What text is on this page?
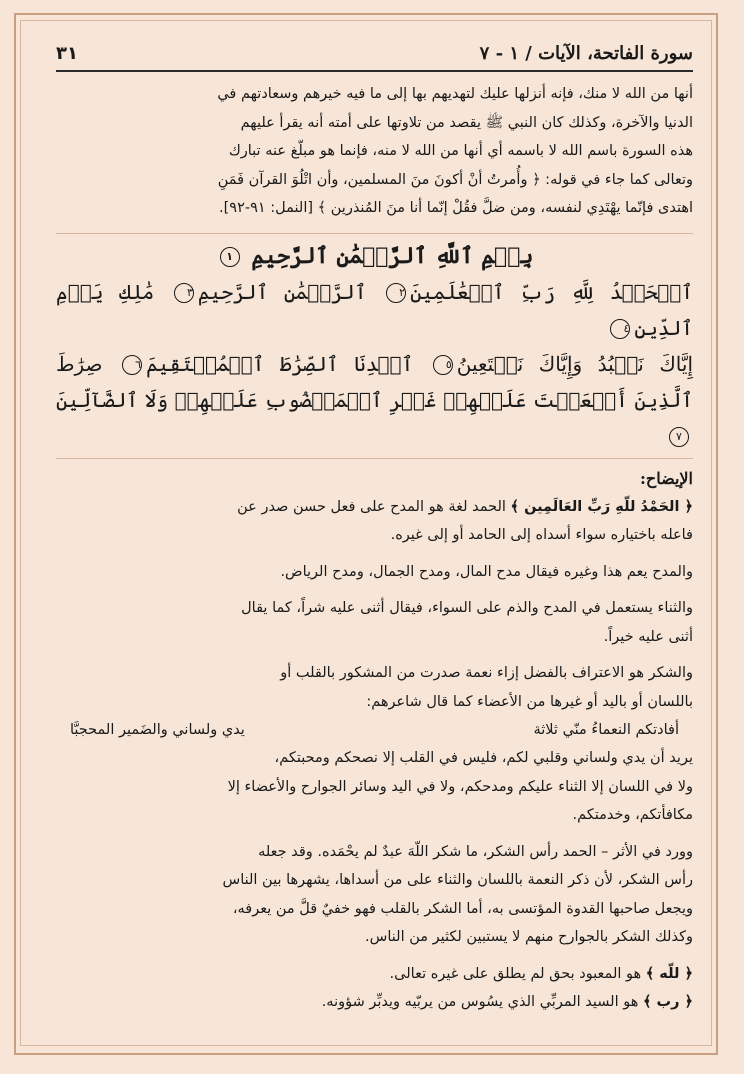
سورة الفاتحة، الآيات / ١ - ٧
٣١

أنها من الله لا منك، فإنه أنزلها عليك لتهديهم بها إلى ما فيه خيرهم وسعادتهم في

الدنيا والآخرة، وكذلك كان النبي ﷺ يقصد من تلاوتها على أمته أنه يقرأ عليهم

هذه السورة باسم الله لا باسمه أي أنها من الله لا منه، فإنما هو مبلّغ عنه تبارك

وتعالى كما جاء في قوله: ﴿ وأُمرتُ أنْ أكونَ منَ المسلمين، وأن اتْلُوَ القرآن فَمَنِ

اهتدى فإنّما يهْتَدِي لنفسه، ومن ضلَّ فقُلْ إنّما أنا منَ المُنذرين ﴾ [النمل: ٩١-٩٢].

بِسۡمِ ٱللَّهِ ٱلرَّحۡمَٰنِ ٱلرَّحِيمِ ١
ٱلۡحَمۡدُ لِلَّهِ رَبِّ ٱلۡعَٰلَمِينَ٢ ٱلرَّحۡمَٰنِ ٱلرَّحِيمِ٣ مَٰلِكِ يَوۡمِ ٱلدِّينِ٤
إِيَّاكَ نَعۡبُدُ وَإِيَّاكَ نَسۡتَعِينُ٥ ٱهۡدِنَا ٱلصِّرَٰطَ ٱلۡمُسۡتَقِيمَ٦ صِرَٰطَ
ٱلَّذِينَ أَنۡعَمۡتَ عَلَيۡهِمۡ غَيۡرِ ٱلۡمَغۡضُوبِ عَلَيۡهِمۡ وَلَا ٱلضَّآلِّينَ٧

الإيضاح:

﴿ الحَمْدُ للّهِ رَبِّ العَالَمِين ﴾ الحمد لغة هو المدح على فعل حسن صدر عن

فاعله باختياره سواء أسداه إلى الحامد أو إلى غيره.

والمدح يعم هذا وغيره فيقال مدح المال، ومدح الجمال، ومدح الرياض.

والثناء يستعمل في المدح والذم على السواء، فيقال أثنى عليه شراً، كما يقال

أثنى عليه خيراً.

والشكر هو الاعتراف بالفضل إزاء نعمة صدرت من المشكور بالقلب أو

باللسان أو باليد أو غيرها من الأعضاء كما قال شاعرهم:

أفادتكم النعماءُ منّي ثلاثة
يدي ولساني والضَمير المحجبَّا

يريد أن يدي ولساني وقلبي لكم، فليس في القلب إلا نصحكم ومحبتكم،

ولا في اللسان إلا الثناء عليكم ومدحكم، ولا في اليد وسائر الجوارح والأعضاء إلا

مكافأتكم، وخدمتكم.

وورد في الأثر – الحمد رأس الشكر، ما شكر اللّهَ عبدٌ لم يحْمَده. وقد جعله

رأس الشكر، لأن ذكر النعمة باللسان والثناء على من أسداها، يشهرها بين الناس

ويجعل صاحبها القدوة المؤتسى به، أما الشكر بالقلب فهو خفيٌ قلَّ من يعرفه،

وكذلك الشكر بالجوارح منهم لا يستبين لكثير من الناس.

﴿ للّه ﴾ هو المعبود بحق لم يطلق على غيره تعالى.

﴿ رب ﴾ هو السيد المربِّي الذي يسُوس من يربّيه ويدبِّر شؤونه.
